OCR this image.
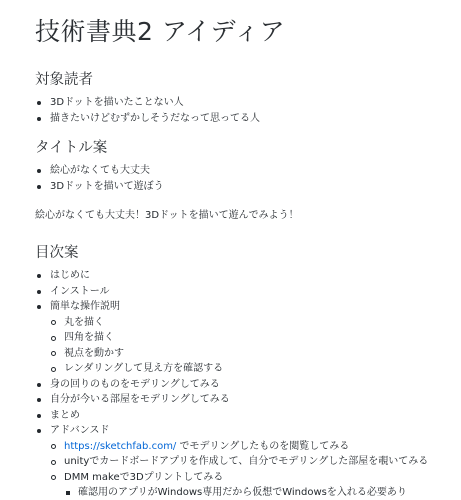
技術書典2 アイディア
対象読者
3Dドットを描いたことない人
描きたいけどむずかしそうだなって思ってる人
タイトル案
絵心がなくても大丈夫
3Dドットを描いて遊ぼう

絵心がなくても大丈夫！3Dドットを描いて遊んでみよう！

目次案
はじめに
インストール
簡単な操作説明
丸を描く
四角を描く
視点を動かす
レンダリングして見え方を確認する
身の回りのものをモデリングしてみる
自分が今いる部屋をモデリングしてみる
まとめ
アドバンスド
https://sketchfab.com/ でモデリングしたものを閲覧してみる
unityでカードボードアプリを作成して、自分でモデリングした部屋を覗いてみる
DMM makeで3Dプリントしてみる
確認用のアプリがWindows専用だから仮想でWindowsを入れる必要あり
